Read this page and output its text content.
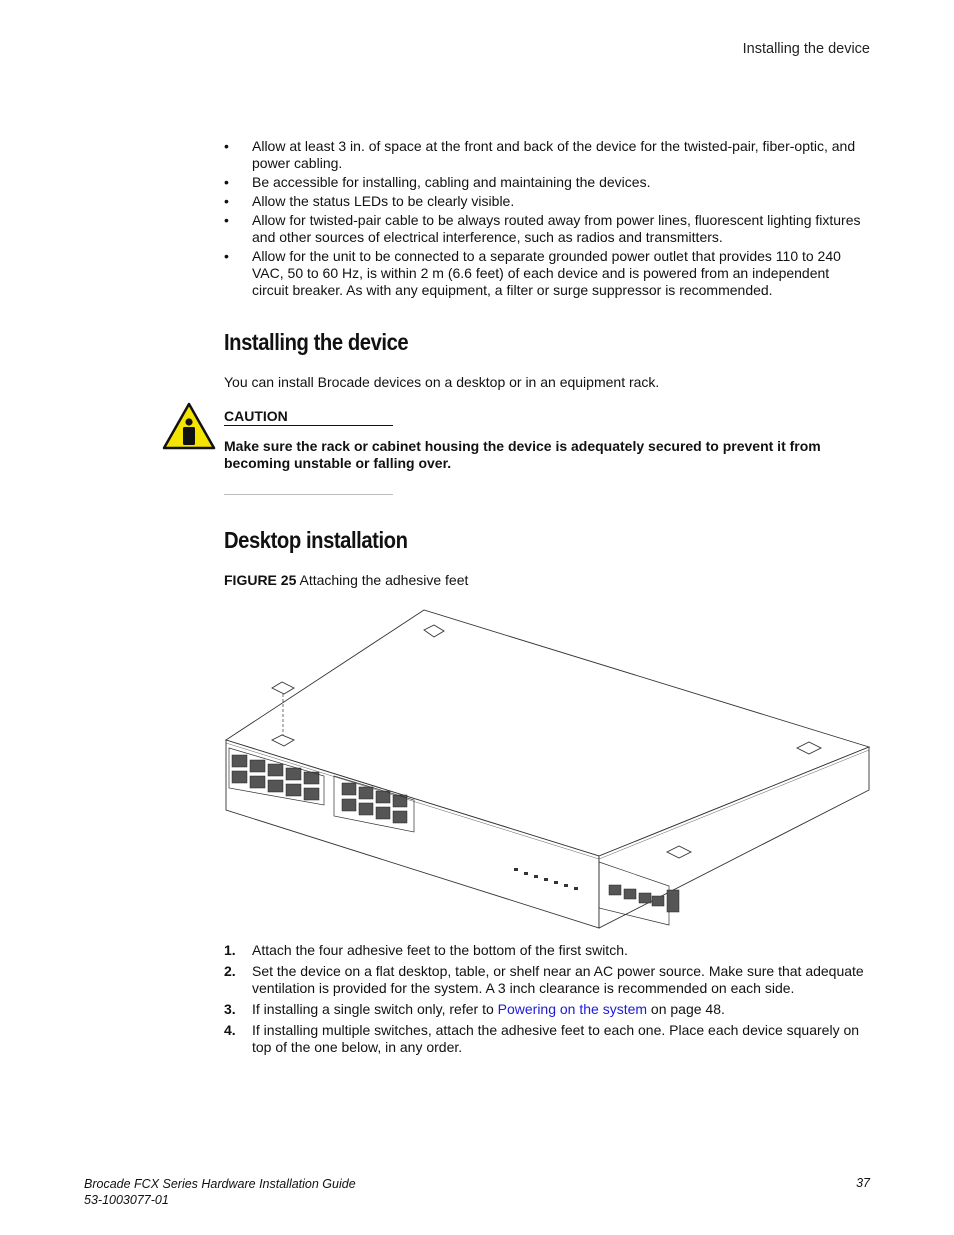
Installing the device
• Allow at least 3 in. of space at the front and back of the device for the twisted-pair, fiber-optic, and power cabling.
• Be accessible for installing, cabling and maintaining the devices.
• Allow the status LEDs to be clearly visible.
• Allow for twisted-pair cable to be always routed away from power lines, fluorescent lighting fixtures and other sources of electrical interference, such as radios and transmitters.
• Allow for the unit to be connected to a separate grounded power outlet that provides 110 to 240 VAC, 50 to 60 Hz, is within 2 m (6.6 feet) of each device and is powered from an independent circuit breaker. As with any equipment, a filter or surge suppressor is recommended.
Installing the device
You can install Brocade devices on a desktop or in an equipment rack.
CAUTION
Make sure the rack or cabinet housing the device is adequately secured to prevent it from becoming unstable or falling over.
Desktop installation
FIGURE 25 Attaching the adhesive feet
1. Attach the four adhesive feet to the bottom of the first switch.
2. Set the device on a flat desktop, table, or shelf near an AC power source. Make sure that adequate ventilation is provided for the system. A 3 inch clearance is recommended on each side.
3. If installing a single switch only, refer to Powering on the system on page 48.
4. If installing multiple switches, attach the adhesive feet to each one. Place each device squarely on top of the one below, in any order.
Brocade FCX Series Hardware Installation Guide
53-1003077-01
37
